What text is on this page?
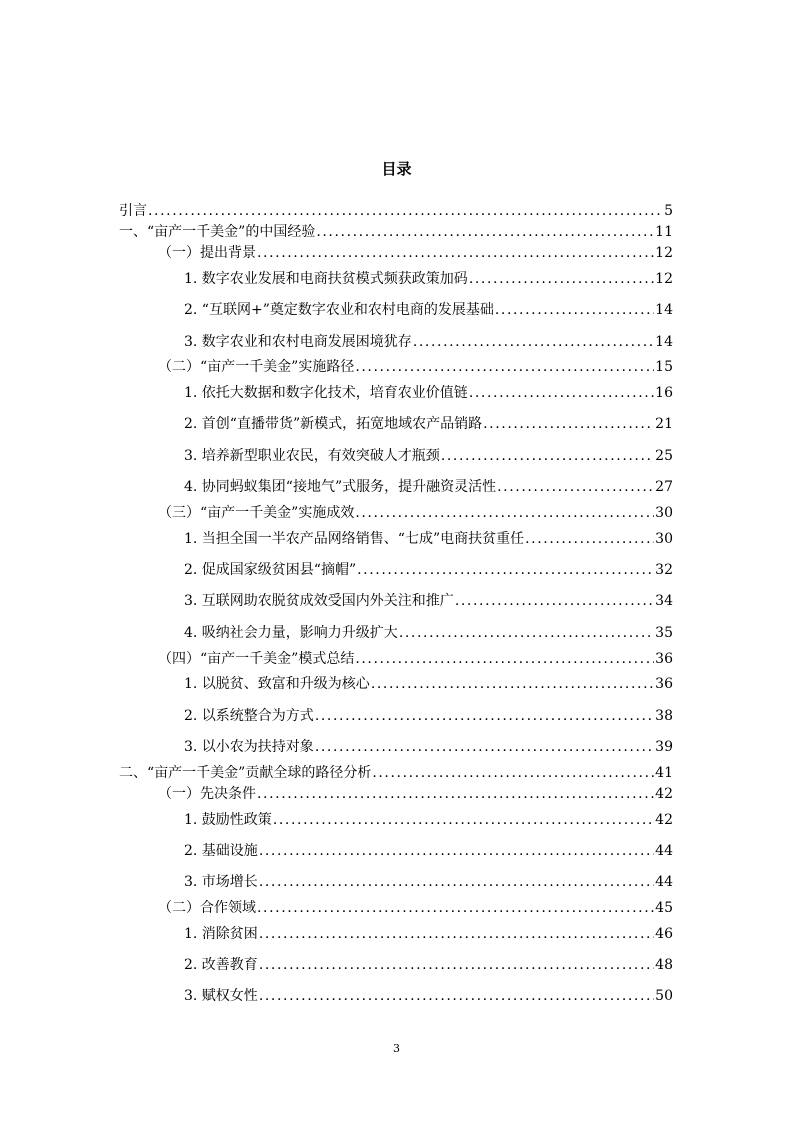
目录
引言 .....	5
一、“亩产一千美金”的中国经验 .....	11
（一）提出背景 .....	12
1. 数字农业发展和电商扶贫模式频获政策加码 .....	12
2. “互联网+”奠定数字农业和农村电商的发展基础 .....	14
3. 数字农业和农村电商发展困境犹存 .....	14
（二）“亩产一千美金”实施路径 .....	15
1. 依托大数据和数字化技术，培育农业价值链 .....	16
2. 首创“直播带货”新模式，拓宽地域农产品销路 .....	21
3. 培养新型职业农民，有效突破人才瓶颈 .....	25
4. 协同蚂蚁集团“接地气”式服务，提升融资灵活性 .....	27
（三）“亩产一千美金”实施成效 .....	30
1. 当担全国一半农产品网络销售、“七成”电商扶贫重任 .....	30
2. 促成国家级贫困县“摘帽” .....	32
3. 互联网助农脱贫成效受国内外关注和推广 .....	34
4. 吸纳社会力量，影响力升级扩大 .....	35
（四）“亩产一千美金”模式总结 .....	36
1. 以脱贫、致富和升级为核心 .....	36
2. 以系统整合为方式 .....	38
3. 以小农为扶持对象 .....	39
二、“亩产一千美金”贡献全球的路径分析 .....	41
（一）先决条件 .....	42
1. 鼓励性政策 .....	42
2. 基础设施 .....	44
3. 市场增长 .....	44
（二）合作领域 .....	45
1. 消除贫困 .....	46
2. 改善教育 .....	48
3. 赋权女性 .....	50
3
